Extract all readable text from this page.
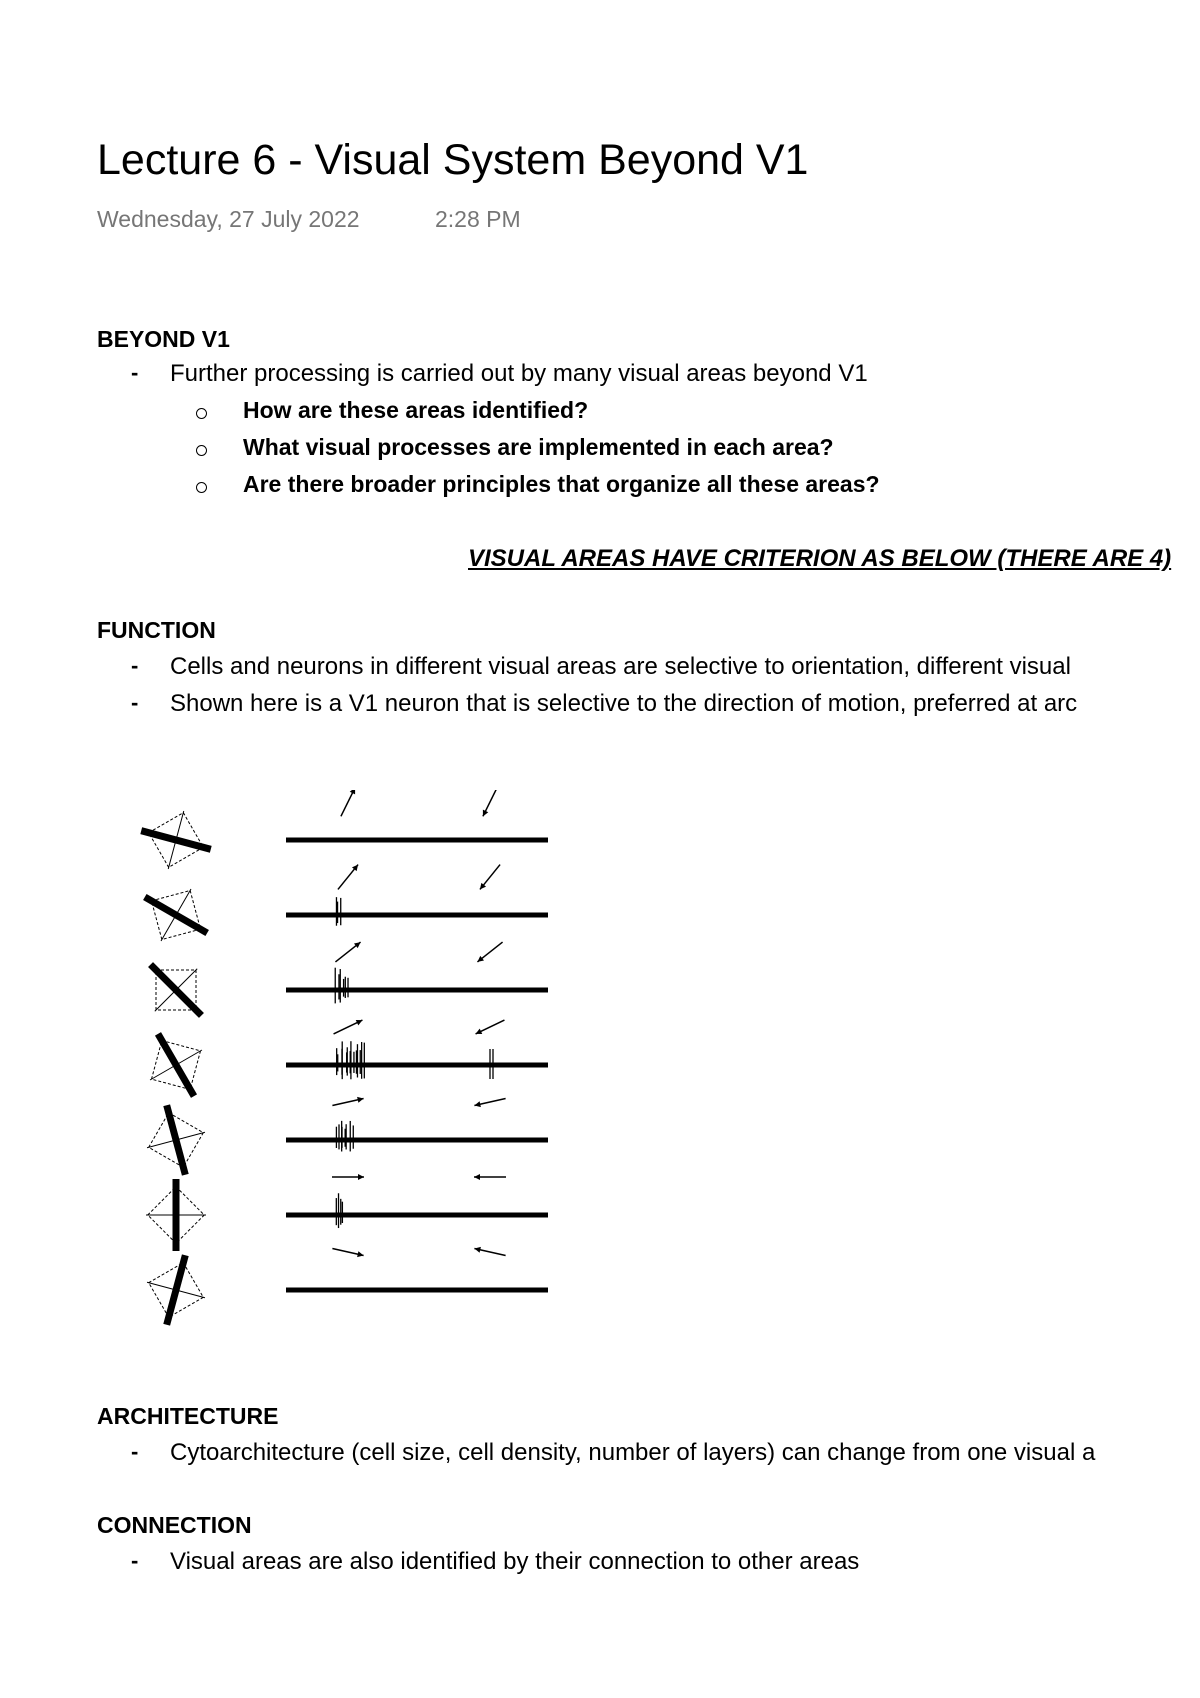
Lecture 6 - Visual System Beyond V1
Wednesday, 27 July 2022	2:28 PM
BEYOND V1
- Further processing is carried out by many visual areas beyond V1
How are these areas identified?
What visual processes are implemented in each area?
Are there broader principles that organize all these areas?
VISUAL AREAS HAVE CRITERION AS BELOW (THERE ARE 4)
FUNCTION
- Cells and neurons in different visual areas are selective to orientation, different visual
- Shown here is a V1 neuron that is selective to the direction of motion, preferred at arc
ARCHITECTURE
- Cytoarchitecture (cell size, cell density, number of layers) can change from one visual a
CONNECTION
- Visual areas are also identified by their connection to other areas
